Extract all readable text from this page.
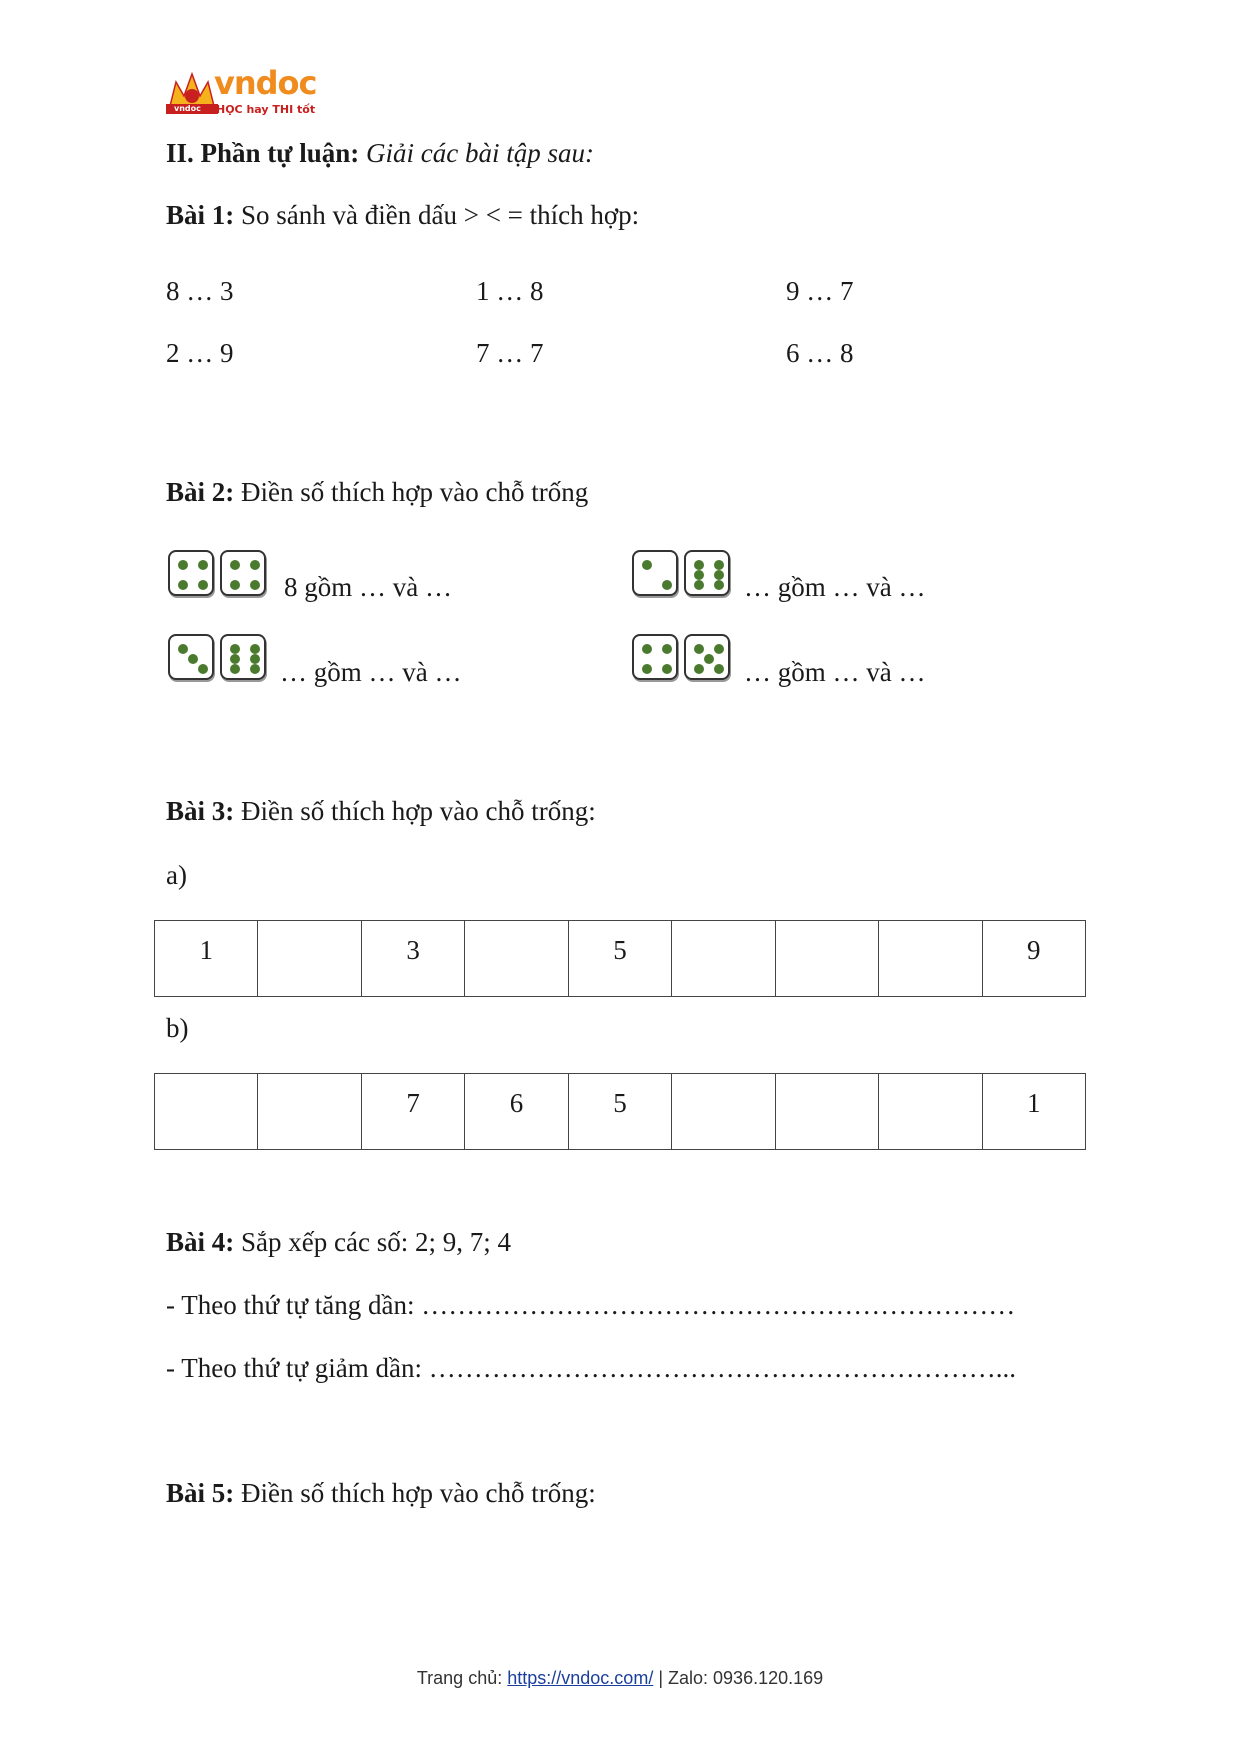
vndoc
vndoc
HỌC hay THI tốt
II. Phần tự luận: Giải các bài tập sau:
Bài 1: So sánh và điền dấu > < = thích hợp:
8 … 3	1 … 8	9 … 7
2 … 9	7 … 7	6 … 8
Bài 2: Điền số thích hợp vào chỗ trống
8 gồm … và …	… gồm … và …
… gồm … và …	… gồm … và …
Bài 3: Điền số thích hợp vào chỗ trống:
a)
1		3		5				9
b)
		7	6	5				1
Bài 4: Sắp xếp các số: 2; 9, 7; 4
- Theo thứ tự tăng dần: …………………………………………………………
- Theo thứ tự giảm dần: ………………………………………………………...
Bài 5: Điền số thích hợp vào chỗ trống:
Trang chủ: https://vndoc.com/ | Zalo: 0936.120.169
